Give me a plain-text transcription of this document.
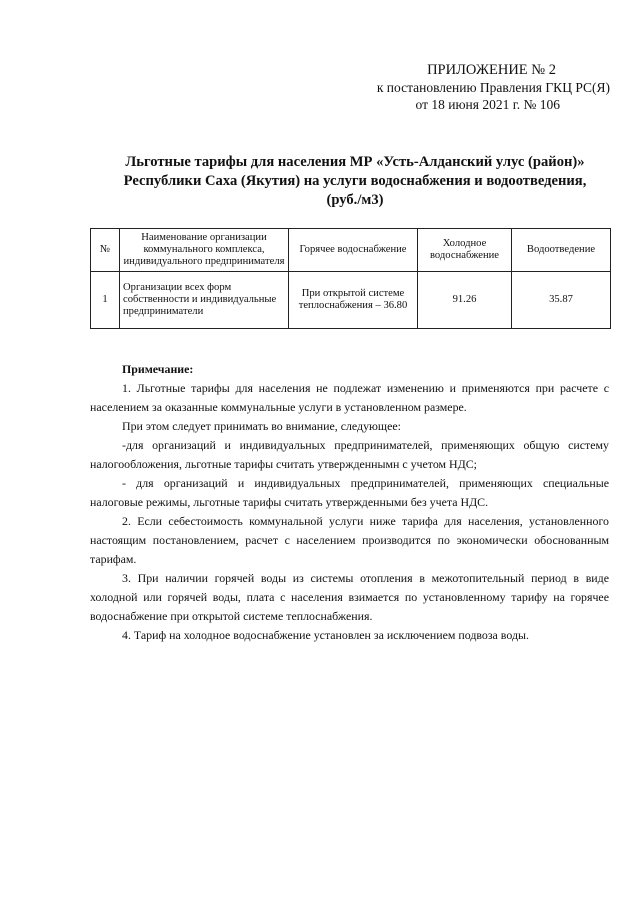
ПРИЛОЖЕНИЕ № 2
к постановлению Правления ГКЦ РС(Я)
от 18 июня 2021 г. № 106
Льготные тарифы для населения МР «Усть-Алданский улус (район)»
Республики Саха (Якутия) на услуги водоснабжения и водоотведения,
(руб./м3)
№	Наименование организации коммунального комплекса, индивидуального предпринимателя	Горячее водоснабжение	Холодное водоснабжение	Водоотведение
1	Организации всех форм собственности и индивидуальные предприниматели	При открытой системе теплоснабжения – 36.80	91.26	35.87

Примечание:

1. Льготные тарифы для населения не подлежат изменению и применяются при расчете с населением за оказанные коммунальные услуги в установленном размере.

При этом следует принимать во внимание, следующее:

-для организаций и индивидуальных предпринимателей, применяющих общую систему налогообложения, льготные тарифы считать утвержденнымн с учетом НДС;

- для организаций и индивидуальных предпринимателей, применяющих специальные налоговые режимы, льготные тарифы считать утвержденными без учета НДС.

2. Если себестоимость коммунальной услуги ниже тарифа для населения, установленного настоящим постановлением, расчет с населением производится по экономически обоснованным тарифам.

3. При наличии горячей воды из системы отопления в межотопительный период в виде холодной или горячей воды, плата с населения взимается по установленному тарифу на горячее водоснабжение при открытой системе теплоснабжения.

4. Тариф на холодное водоснабжение установлен за исключением подвоза воды.
